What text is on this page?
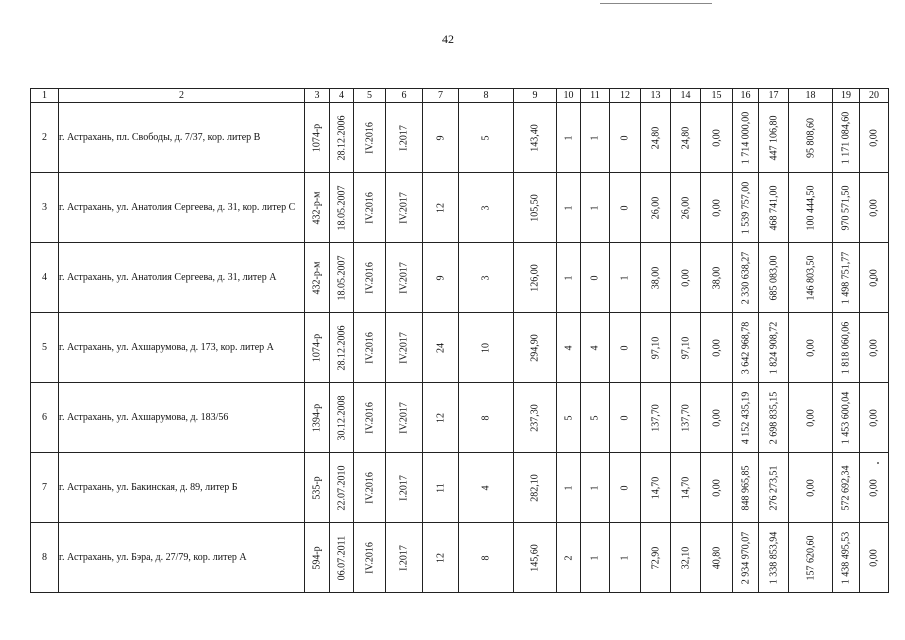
42
1	2	3	4	5	6	7	8	9	10	11	12	13	14	15	16	17	18	19	20
2	г. Астрахань, пл. Свободы, д. 7/37, кор. литер В	1074-р	28.12.2006	IV.2016	I.2017	9	5	143,40	1	1	0	24,80	24,80	0,00	1 714 000,00	447 106,80	95 808,60	1 171 084,60	0,00

3	г. Астрахань, ул. Анатолия Сергеева, д. 31, кор. литер С	432-р-м	18.05.2007	IV.2016	IV.2017	12	3	105,50	1	1	0	26,00	26,00	0,00	1 539 757,00	468 741,00	100 444,50	970 571,50	0,00

4	г. Астрахань, ул. Анатолия Сергеева, д. 31, литер А	432-р-м	18.05.2007	IV.2016	IV.2017	9	3	126,00	1	0	1	38,00	0,00	38,00	2 330 638,27	685 083,00	146 803,50	1 498 751,77	0,00

5	г. Астрахань, ул. Ахшарумова, д. 173, кор. литер А	1074-р	28.12.2006	IV.2016	IV.2017	24	10	294,90	4	4	0	97,10	97,10	0,00	3 642 968,78	1 824 908,72	0,00	1 818 060,06	0,00

6	г. Астрахань, ул. Ахшарумова, д. 183/56	1394-р	30.12.2008	IV.2016	IV.2017	12	8	237,30	5	5	0	137,70	137,70	0,00	4 152 435,19	2 698 835,15	0,00	1 453 600,04	0,00

7	г. Астрахань, ул. Бакинская, д. 89, литер Б	535-р	22.07.2010	IV.2016	I.2017	11	4	282,10	1	1	0	14,70	14,70	0,00	848 965,85	276 273,51	0,00	572 692,34	0,00

8	г. Астрахань, ул. Бэра, д. 27/79, кор. литер А	594-р	06.07.2011	IV.2016	I.2017	12	8	145,60	2	1	1	72,90	32,10	40,80	2 934 970,07	1 338 853,94	157 620,60	1 438 495,53	0,00
